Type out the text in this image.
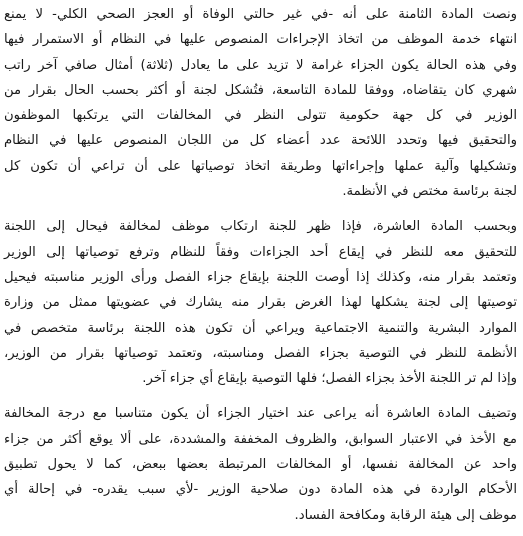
ونصت المادة الثامنة على أنه -في غير حالتي الوفاة أو العجز الصحي الكلي- لا يمنع
انتهاء خدمة الموظف من اتخاذ الإجراءات المنصوص عليها في النظام أو الاستمرار فيها
وفي هذه الحالة يكون الجزاء غرامة لا تزيد على ما يعادل (ثلاثة) أمثال صافي آخر راتب
شهري كان يتقاضاه، ووفقا للمادة التاسعة، فتُشكل لجنة أو أكثر بحسب الحال بقرار من
الوزير في كل جهة حكومية تتولى النظر في المخالفات التي يرتكبها الموظفون
والتحقيق فيها وتحدد اللائحة عدد أعضاء كل من اللجان المنصوص عليها في النظام
وتشكيلها وآلية عملها وإجراءاتها وطريقة اتخاذ توصياتها على أن تراعي أن تكون كل
لجنة برئاسة مختص في الأنظمة.
وبحسب المادة العاشرة، فإذا ظهر للجنة ارتكاب موظف لمخالفة فيحال إلى اللجنة
للتحقيق معه للنظر في إيقاع أحد الجزاءات وفقاً للنظام وترفع توصياتها إلى الوزير
وتعتمد بقرار منه، وكذلك إذا أوصت اللجنة بإيقاع جزاء الفصل ورأى الوزير مناسبته فيحيل
توصيتها إلى لجنة يشكلها لهذا الغرض بقرار منه يشارك في عضويتها ممثل من وزارة
الموارد البشرية والتنمية الاجتماعية ويراعي أن تكون هذه اللجنة برئاسة متخصص في
الأنظمة للنظر في التوصية بجزاء الفصل ومناسبته، وتعتمد توصياتها بقرار من الوزير،
وإذا لم تر اللجنة الأخذ بجزاء الفصل؛ فلها التوصية بإيقاع أي جزاء آخر.
وتضيف المادة العاشرة أنه يراعى عند اختيار الجزاء أن يكون متناسبا مع درجة المخالفة
مع الأخذ في الاعتبار السوابق، والظروف المخففة والمشددة، على ألا يوقع أكثر من جزاء
واحد عن المخالفة نفسها، أو المخالفات المرتبطة بعضها ببعض، كما لا يحول تطبيق
الأحكام الواردة في هذه المادة دون صلاحية الوزير -لأي سبب يقدره- في إحالة أي
موظف إلى هيئة الرقابة ومكافحة الفساد.
